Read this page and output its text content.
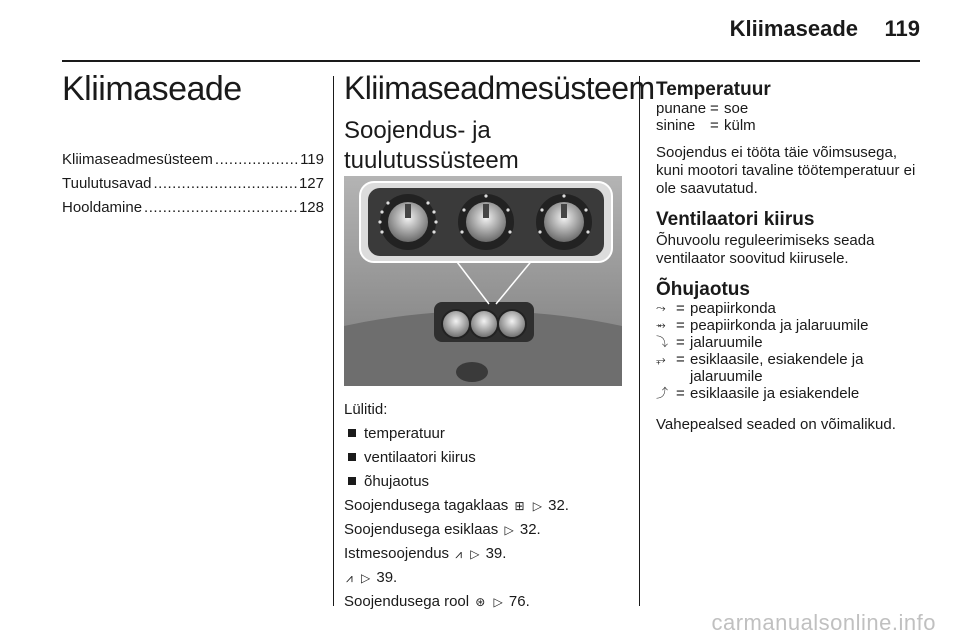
Kliimaseade 119
Kliimaseade
Kliimaseadmesüsteem .....	119
Tuulutusavad .....	127
Hooldamine .....	128
Kliimaseadmesüsteem
Soojendus- ja tuulutussüsteem
Lülitid:
temperatuur
ventilaatori kiirus
õhujaotus
Soojendusega tagaklaas ⊞ ▷ 32.
Soojendusega esiklaas ▷ 32.
Istmesoojendus ⩘ ▷ 39.
⩘ ▷ 39.
Soojendusega rool ⊛ ▷ 76.
Temperatuur
punane = soe
sinine = külm

Soojendus ei tööta täie võimsusega, kuni mootori tavaline töötemperatuur ei ole saavutatud.

Ventilaatori kiirus

Õhuvoolu reguleerimiseks seada ventilaator soovitud kiirusele.

Õhujaotus
⤳ = peapiirkonda
⥇ = peapiirkonda ja jalaruumile
⤵ = jalaruumile
⥅ = esiklaasile, esiakendele ja jalaruumile
⤴ = esiklaasile ja esiakendele

Vahepealsed seaded on võimalikud.

carmanualsonline.info
